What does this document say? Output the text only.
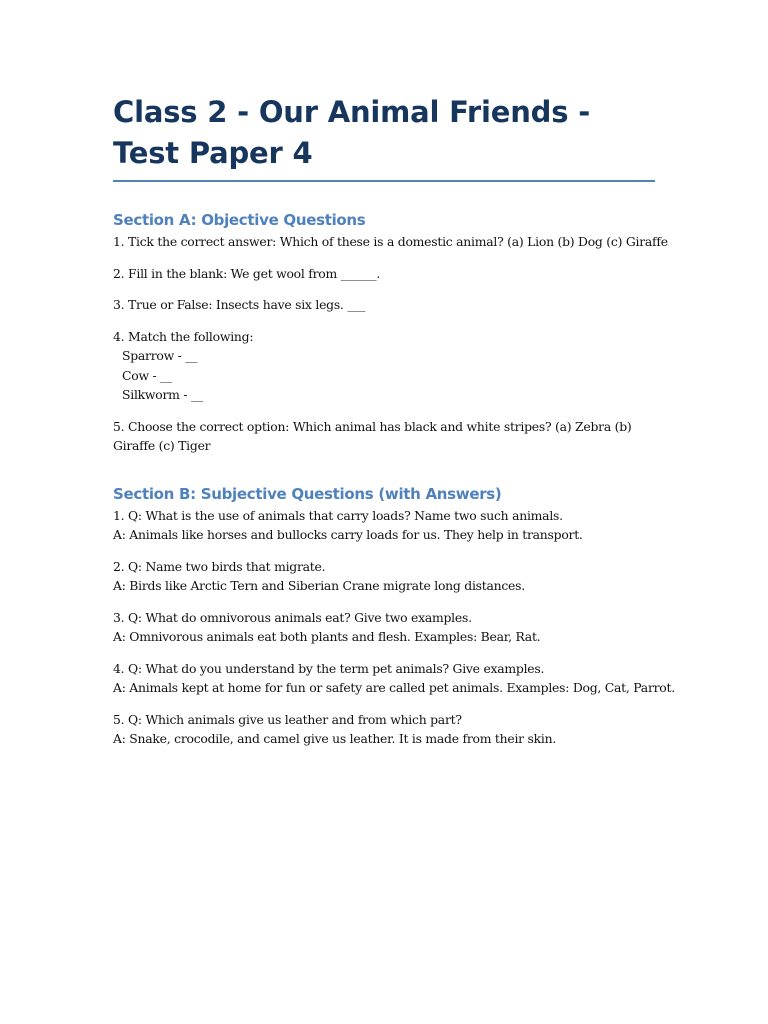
Class 2 - Our Animal Friends - Test Paper 4
Section A: Objective Questions

1. Tick the correct answer: Which of these is a domestic animal? (a) Lion (b) Dog (c) Giraffe

2. Fill in the blank: We get wool from ______.

3. True or False: Insects have six legs. ___

4. Match the following:
Sparrow - __
Cow - __
Silkworm - __

5. Choose the correct option: Which animal has black and white stripes? (a) Zebra (b) Giraffe (c) Tiger

Section B: Subjective Questions (with Answers)

1. Q: What is the use of animals that carry loads? Name two such animals.
A: Animals like horses and bullocks carry loads for us. They help in transport.

2. Q: Name two birds that migrate.
A: Birds like Arctic Tern and Siberian Crane migrate long distances.

3. Q: What do omnivorous animals eat? Give two examples.
A: Omnivorous animals eat both plants and flesh. Examples: Bear, Rat.

4. Q: What do you understand by the term pet animals? Give examples.
A: Animals kept at home for fun or safety are called pet animals. Examples: Dog, Cat, Parrot.

5. Q: Which animals give us leather and from which part?
A: Snake, crocodile, and camel give us leather. It is made from their skin.
